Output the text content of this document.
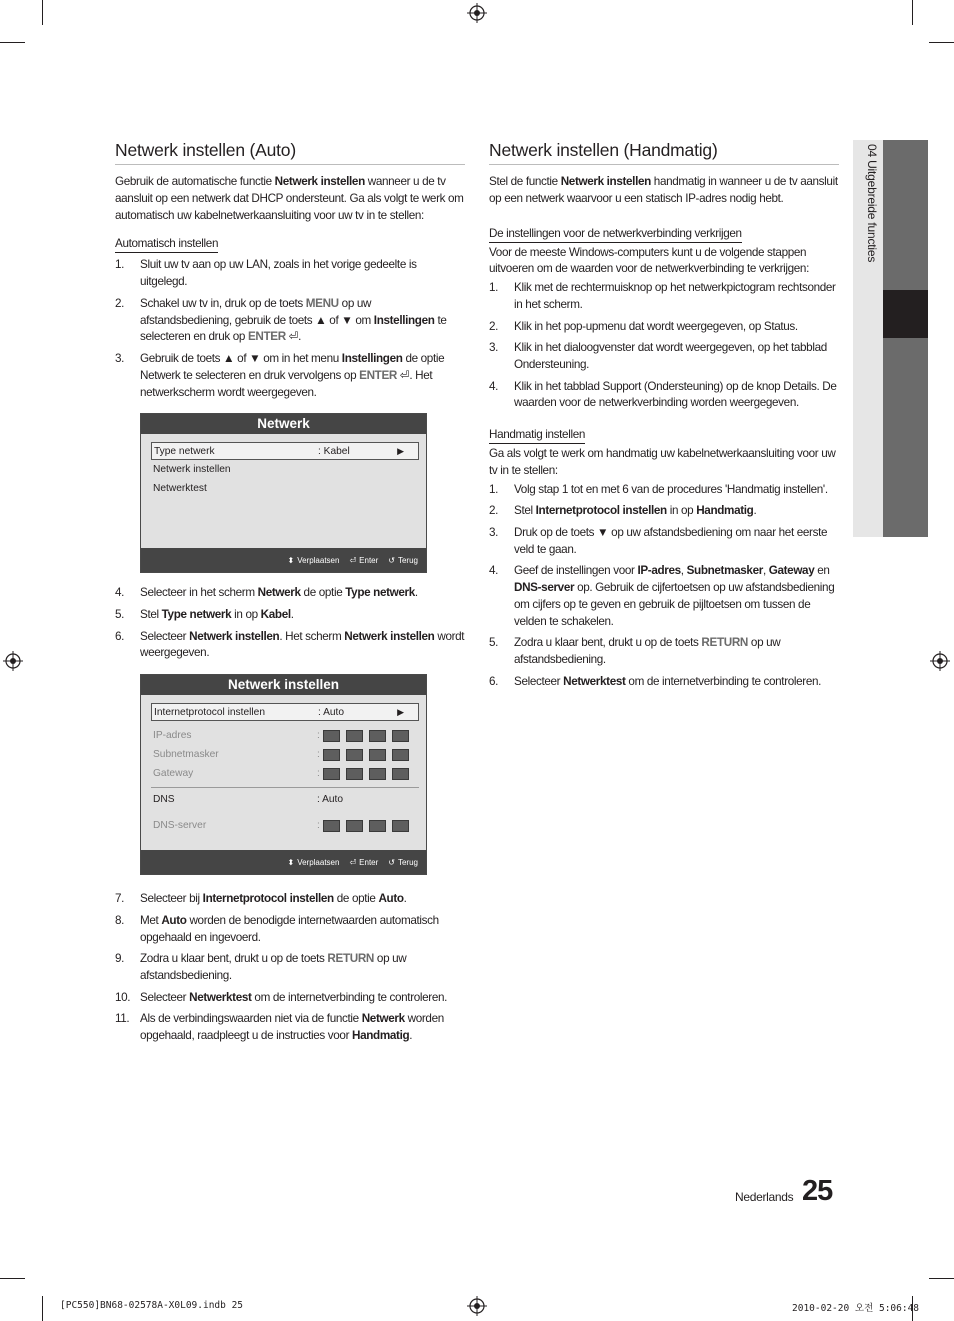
Netwerk instellen (Auto)

Gebruik de automatische functie Netwerk instellen wanneer u de tv aansluit op een netwerk dat DHCP ondersteunt. Ga als volgt te werk om automatisch uw kabelnetwerkaansluiting voor uw tv in te stellen:

Automatisch instellen
1.	Sluit uw tv aan op uw LAN, zoals in het vorige gedeelte is uitgelegd.
2.	Schakel uw tv in, druk op de toets MENU op uw afstandsbediening, gebruik de toets ▲ of ▼ om Instellingen te selecteren en druk op ENTER ⏎.
3.	Gebruik de toets ▲ of ▼ om in het menu Instellingen de optie Netwerk te selecteren en druk vervolgens op ENTER ⏎. Het netwerkscherm wordt weergegeven.
Netwerk
Type netwerk	: Kabel	▶
Netwerk instellen
Netwerktest
⬍ Verplaatsen ⏎ Enter ↺ Terug
4.	Selecteer in het scherm Netwerk de optie Type netwerk.
5.	Stel Type netwerk in op Kabel.
6.	Selecteer Netwerk instellen. Het scherm Netwerk instellen wordt weergegeven.
Netwerk instellen
Internetprotocol instellen	: Auto	▶
IP-adres	:
Subnetmasker	:
Gateway	:
DNS	: Auto
DNS-server	:
⬍ Verplaatsen ⏎ Enter ↺ Terug
7.	Selecteer bij Internetprotocol instellen de optie Auto.
8.	Met Auto worden de benodigde internetwaarden automatisch opgehaald en ingevoerd.
9.	Zodra u klaar bent, drukt u op de toets RETURN op uw afstandsbediening.
10. Selecteer Netwerktest om de internetverbinding te controleren.
11. Als de verbindingswaarden niet via de functie Netwerk worden opgehaald, raadpleegt u de instructies voor Handmatig.
Netwerk instellen (Handmatig)

Stel de functie Netwerk instellen handmatig in wanneer u de tv aansluit op een netwerk waarvoor u een statisch IP-adres nodig hebt.

De instellingen voor de netwerkverbinding verkrijgen

Voor de meeste Windows-computers kunt u de volgende stappen uitvoeren om de waarden voor de netwerkverbinding te verkrijgen:

1.	Klik met de rechtermuisknop op het netwerkpictogram rechtsonder in het scherm.
2.	Klik in het pop-upmenu dat wordt weergegeven, op Status.
3.	Klik in het dialoogvenster dat wordt weergegeven, op het tabblad Ondersteuning.
4.	Klik in het tabblad Support (Ondersteuning) op de knop Details. De waarden voor de netwerkverbinding worden weergegeven.
Handmatig instellen

Ga als volgt te werk om handmatig uw kabelnetwerkaansluiting voor uw tv in te stellen:

1.	Volg stap 1 tot en met 6 van de procedures 'Handmatig instellen'.
2.	Stel Internetprotocol instellen in op Handmatig.
3.	Druk op de toets ▼ op uw afstandsbediening om naar het eerste veld te gaan.
4.	Geef de instellingen voor IP-adres, Subnetmasker, Gateway en DNS-server op. Gebruik de cijfertoetsen op uw afstandsbediening om cijfers op te geven en gebruik de pijltoetsen om tussen de velden te schakelen.
5.	Zodra u klaar bent, drukt u op de toets RETURN op uw afstandsbediening.
6.	Selecteer Netwerktest om de internetverbinding te controleren.
04 Uitgebreide functies
Nederlands 25
[PC550]BN68-02578A-X0L09.indb 25	2010-02-20 오전 5:06:48
